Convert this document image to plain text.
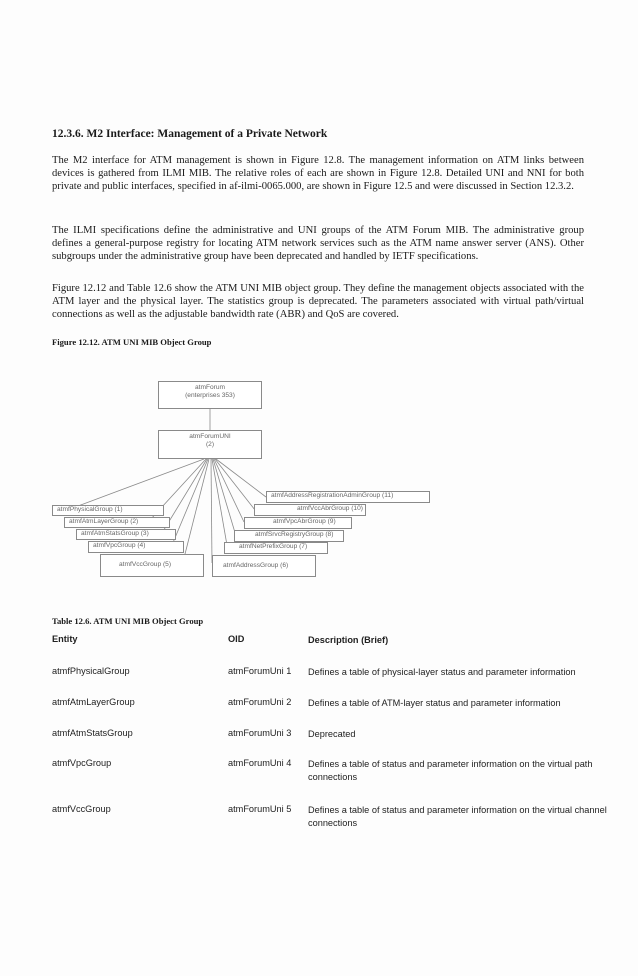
12.3.6. M2 Interface: Management of a Private Network
The M2 interface for ATM management is shown in Figure 12.8. The management information on ATM links between devices is gathered from ILMI MIB. The relative roles of each are shown in Figure 12.8. Detailed UNI and NNI for both private and public interfaces, specified in af-ilmi-0065.000, are shown in Figure 12.5 and were discussed in Section 12.3.2.
The ILMI specifications define the administrative and UNI groups of the ATM Forum MIB. The administrative group defines a general-purpose registry for locating ATM network services such as the ATM name answer server (ANS). Other subgroups under the administrative group have been deprecated and handled by IETF specifications.
Figure 12.12 and Table 12.6 show the ATM UNI MIB object group. They define the management objects associated with the ATM layer and the physical layer. The statistics group is deprecated. The parameters associated with virtual path/virtual connections as well as the adjustable bandwidth rate (ABR) and QoS are covered.
Figure 12.12. ATM UNI MIB Object Group
atmForum
(enterprises 353)
atmForumUNI
(2)
atmfPhysicalGroup (1)
atmfAtmLayerGroup (2)
atmfAtmStatsGroup (3)
atmfVpcGroup (4)
atmfVccGroup (5)
atmfAddressRegistrationAdminGroup (11)
atmfVccAbrGroup (10)
atmfVpcAbrGroup (9)
atmfSrvcRegistryGroup (8)
atmfNetPrefixGroup (7)
atmfAddressGroup (6)
Table 12.6. ATM UNI MIB Object Group
Entity	OID	Description (Brief)
atmfPhysicalGroup	atmForumUni 1 Defines a table of physical-layer status and parameter information
atmfAtmLayerGroup	atmForumUni 2 Defines a table of ATM-layer status and parameter information
atmfAtmStatsGroup	atmForumUni 3 Deprecated
atmfVpcGroup	atmForumUni 4 Defines a table of status and parameter information on the virtual path connections
atmfVccGroup	atmForumUni 5 Defines a table of status and parameter information on the virtual channel connections
